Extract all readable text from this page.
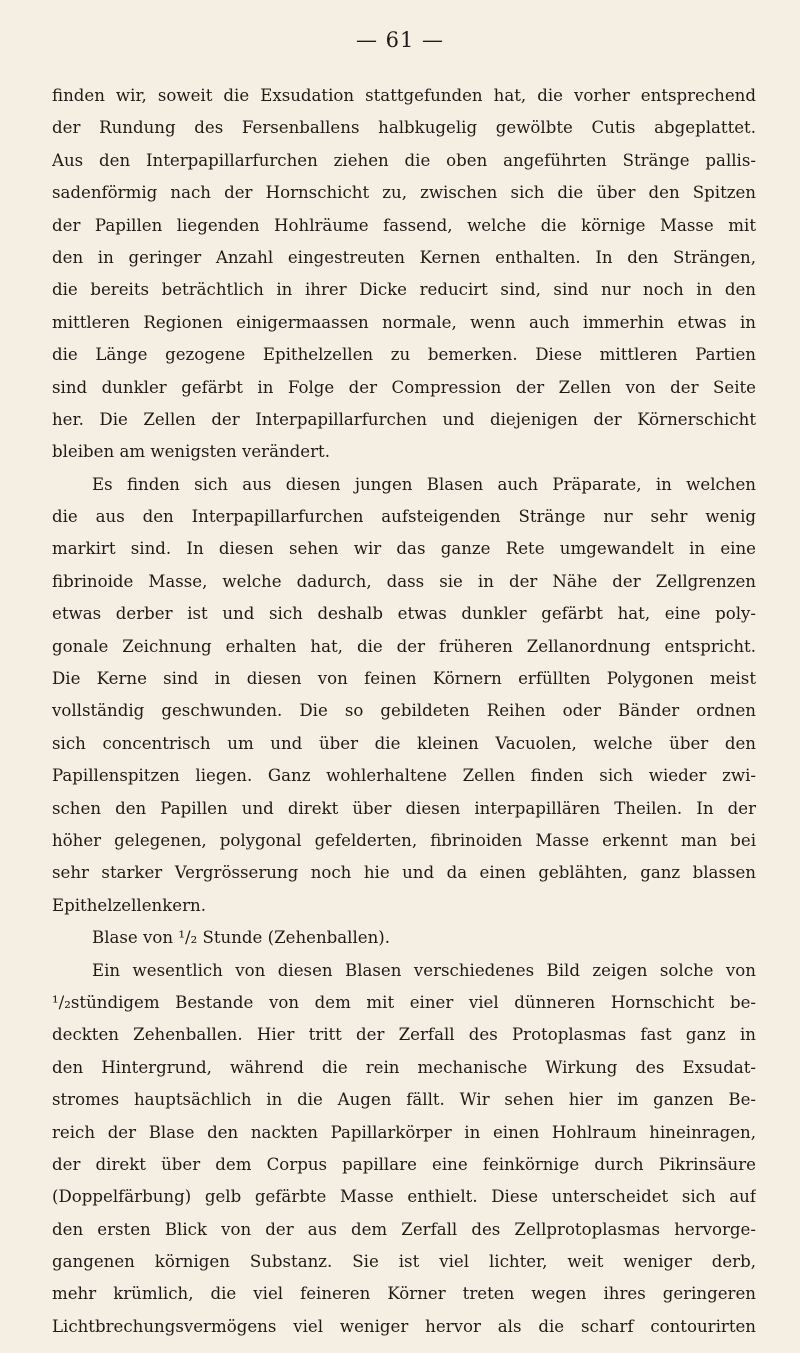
— 61 —
finden wir, soweit die Exsudation stattgefunden hat, die vorher entsprechend
der Rundung des Fersenballens halbkugelig gewölbte Cutis abgeplattet.
Aus den Interpapillarfurchen ziehen die oben angeführten Stränge pallis-
sadenförmig nach der Hornschicht zu, zwischen sich die über den Spitzen
der Papillen liegenden Hohlräume fassend, welche die körnige Masse mit
den in geringer Anzahl eingestreuten Kernen enthalten. In den Strängen,
die bereits beträchtlich in ihrer Dicke reducirt sind, sind nur noch in den
mittleren Regionen einigermaassen normale, wenn auch immerhin etwas in
die Länge gezogene Epithelzellen zu bemerken. Diese mittleren Partien
sind dunkler gefärbt in Folge der Compression der Zellen von der Seite
her. Die Zellen der Interpapillarfurchen und diejenigen der Körnerschicht
bleiben am wenigsten verändert.
Es finden sich aus diesen jungen Blasen auch Präparate, in welchen
die aus den Interpapillarfurchen aufsteigenden Stränge nur sehr wenig
markirt sind. In diesen sehen wir das ganze Rete umgewandelt in eine
fibrinoide Masse, welche dadurch, dass sie in der Nähe der Zellgrenzen
etwas derber ist und sich deshalb etwas dunkler gefärbt hat, eine poly-
gonale Zeichnung erhalten hat, die der früheren Zellanordnung entspricht.
Die Kerne sind in diesen von feinen Körnern erfüllten Polygonen meist
vollständig geschwunden. Die so gebildeten Reihen oder Bänder ordnen
sich concentrisch um und über die kleinen Vacuolen, welche über den
Papillenspitzen liegen. Ganz wohlerhaltene Zellen finden sich wieder zwi-
schen den Papillen und direkt über diesen interpapillären Theilen. In der
höher gelegenen, polygonal gefelderten, fibrinoiden Masse erkennt man bei
sehr starker Vergrösserung noch hie und da einen geblähten, ganz blassen
Epithelzellenkern.
Blase von ¹/₂ Stunde (Zehenballen).
Ein wesentlich von diesen Blasen verschiedenes Bild zeigen solche von
¹/₂stündigem Bestande von dem mit einer viel dünneren Hornschicht be-
deckten Zehenballen. Hier tritt der Zerfall des Protoplasmas fast ganz in
den Hintergrund, während die rein mechanische Wirkung des Exsudat-
stromes hauptsächlich in die Augen fällt. Wir sehen hier im ganzen Be-
reich der Blase den nackten Papillarkörper in einen Hohlraum hineinragen,
der direkt über dem Corpus papillare eine feinkörnige durch Pikrinsäure
(Doppelfärbung) gelb gefärbte Masse enthielt. Diese unterscheidet sich auf
den ersten Blick von der aus dem Zerfall des Zellprotoplasmas hervorge-
gangenen körnigen Substanz. Sie ist viel lichter, weit weniger derb,
mehr krümlich, die viel feineren Körner treten wegen ihres geringeren
Lichtbrechungsvermögens viel weniger hervor als die scharf contourirten
